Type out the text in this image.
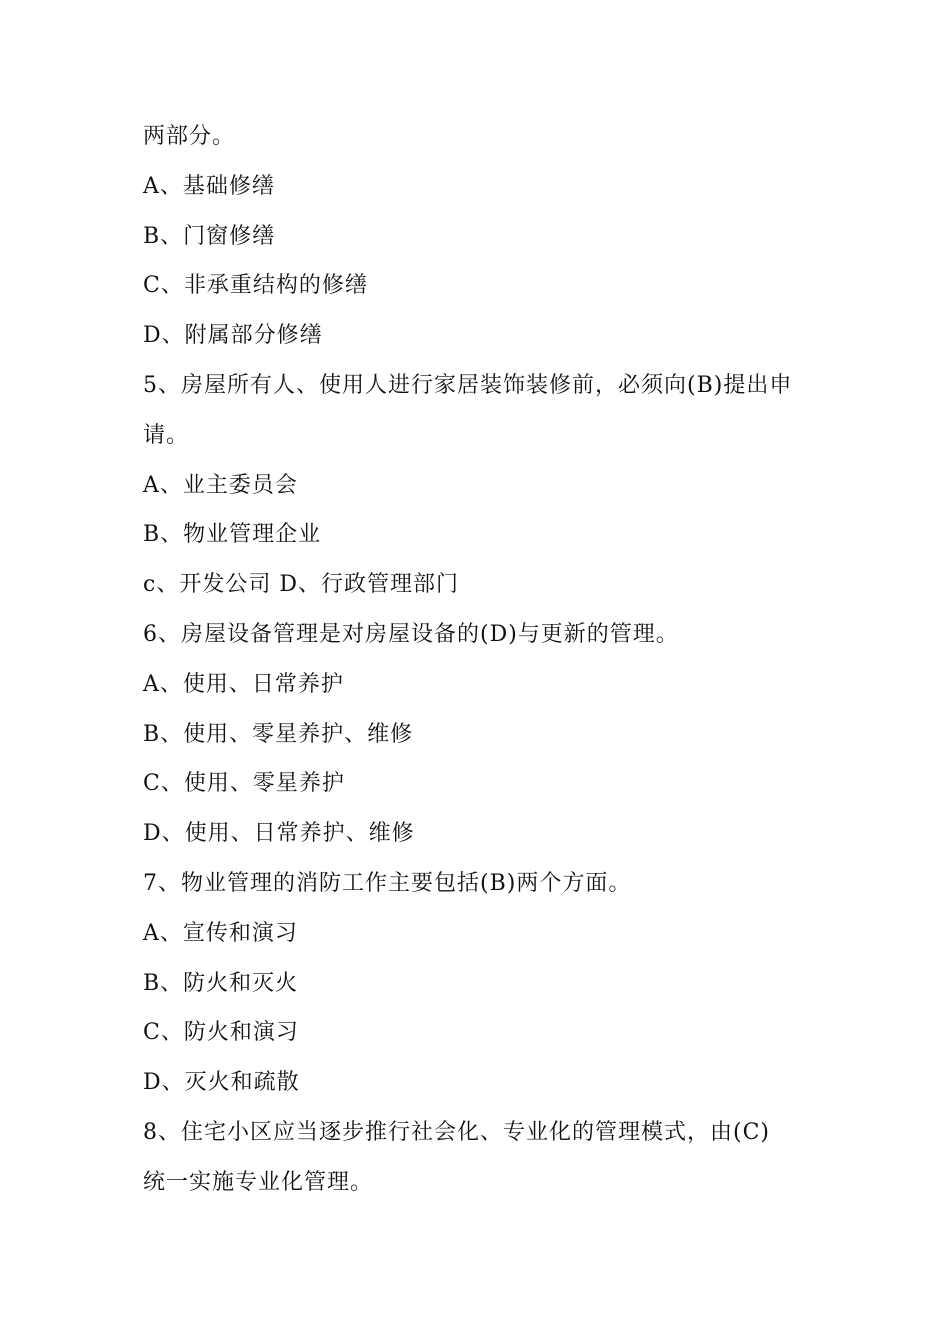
两部分。
A、基础修缮
B、门窗修缮
C、非承重结构的修缮
D、附属部分修缮
5、房屋所有人、使用人进行家居装饰装修前，必须向(B)提出申
请。
A、业主委员会
B、物业管理企业
c、开发公司 D、行政管理部门
6、房屋设备管理是对房屋设备的(D)与更新的管理。
A、使用、日常养护
B、使用、零星养护、维修
C、使用、零星养护
D、使用、日常养护、维修
7、物业管理的消防工作主要包括(B)两个方面。
A、宣传和演习
B、防火和灭火
C、防火和演习
D、灭火和疏散
8、住宅小区应当逐步推行社会化、专业化的管理模式，由(C)
统一实施专业化管理。
